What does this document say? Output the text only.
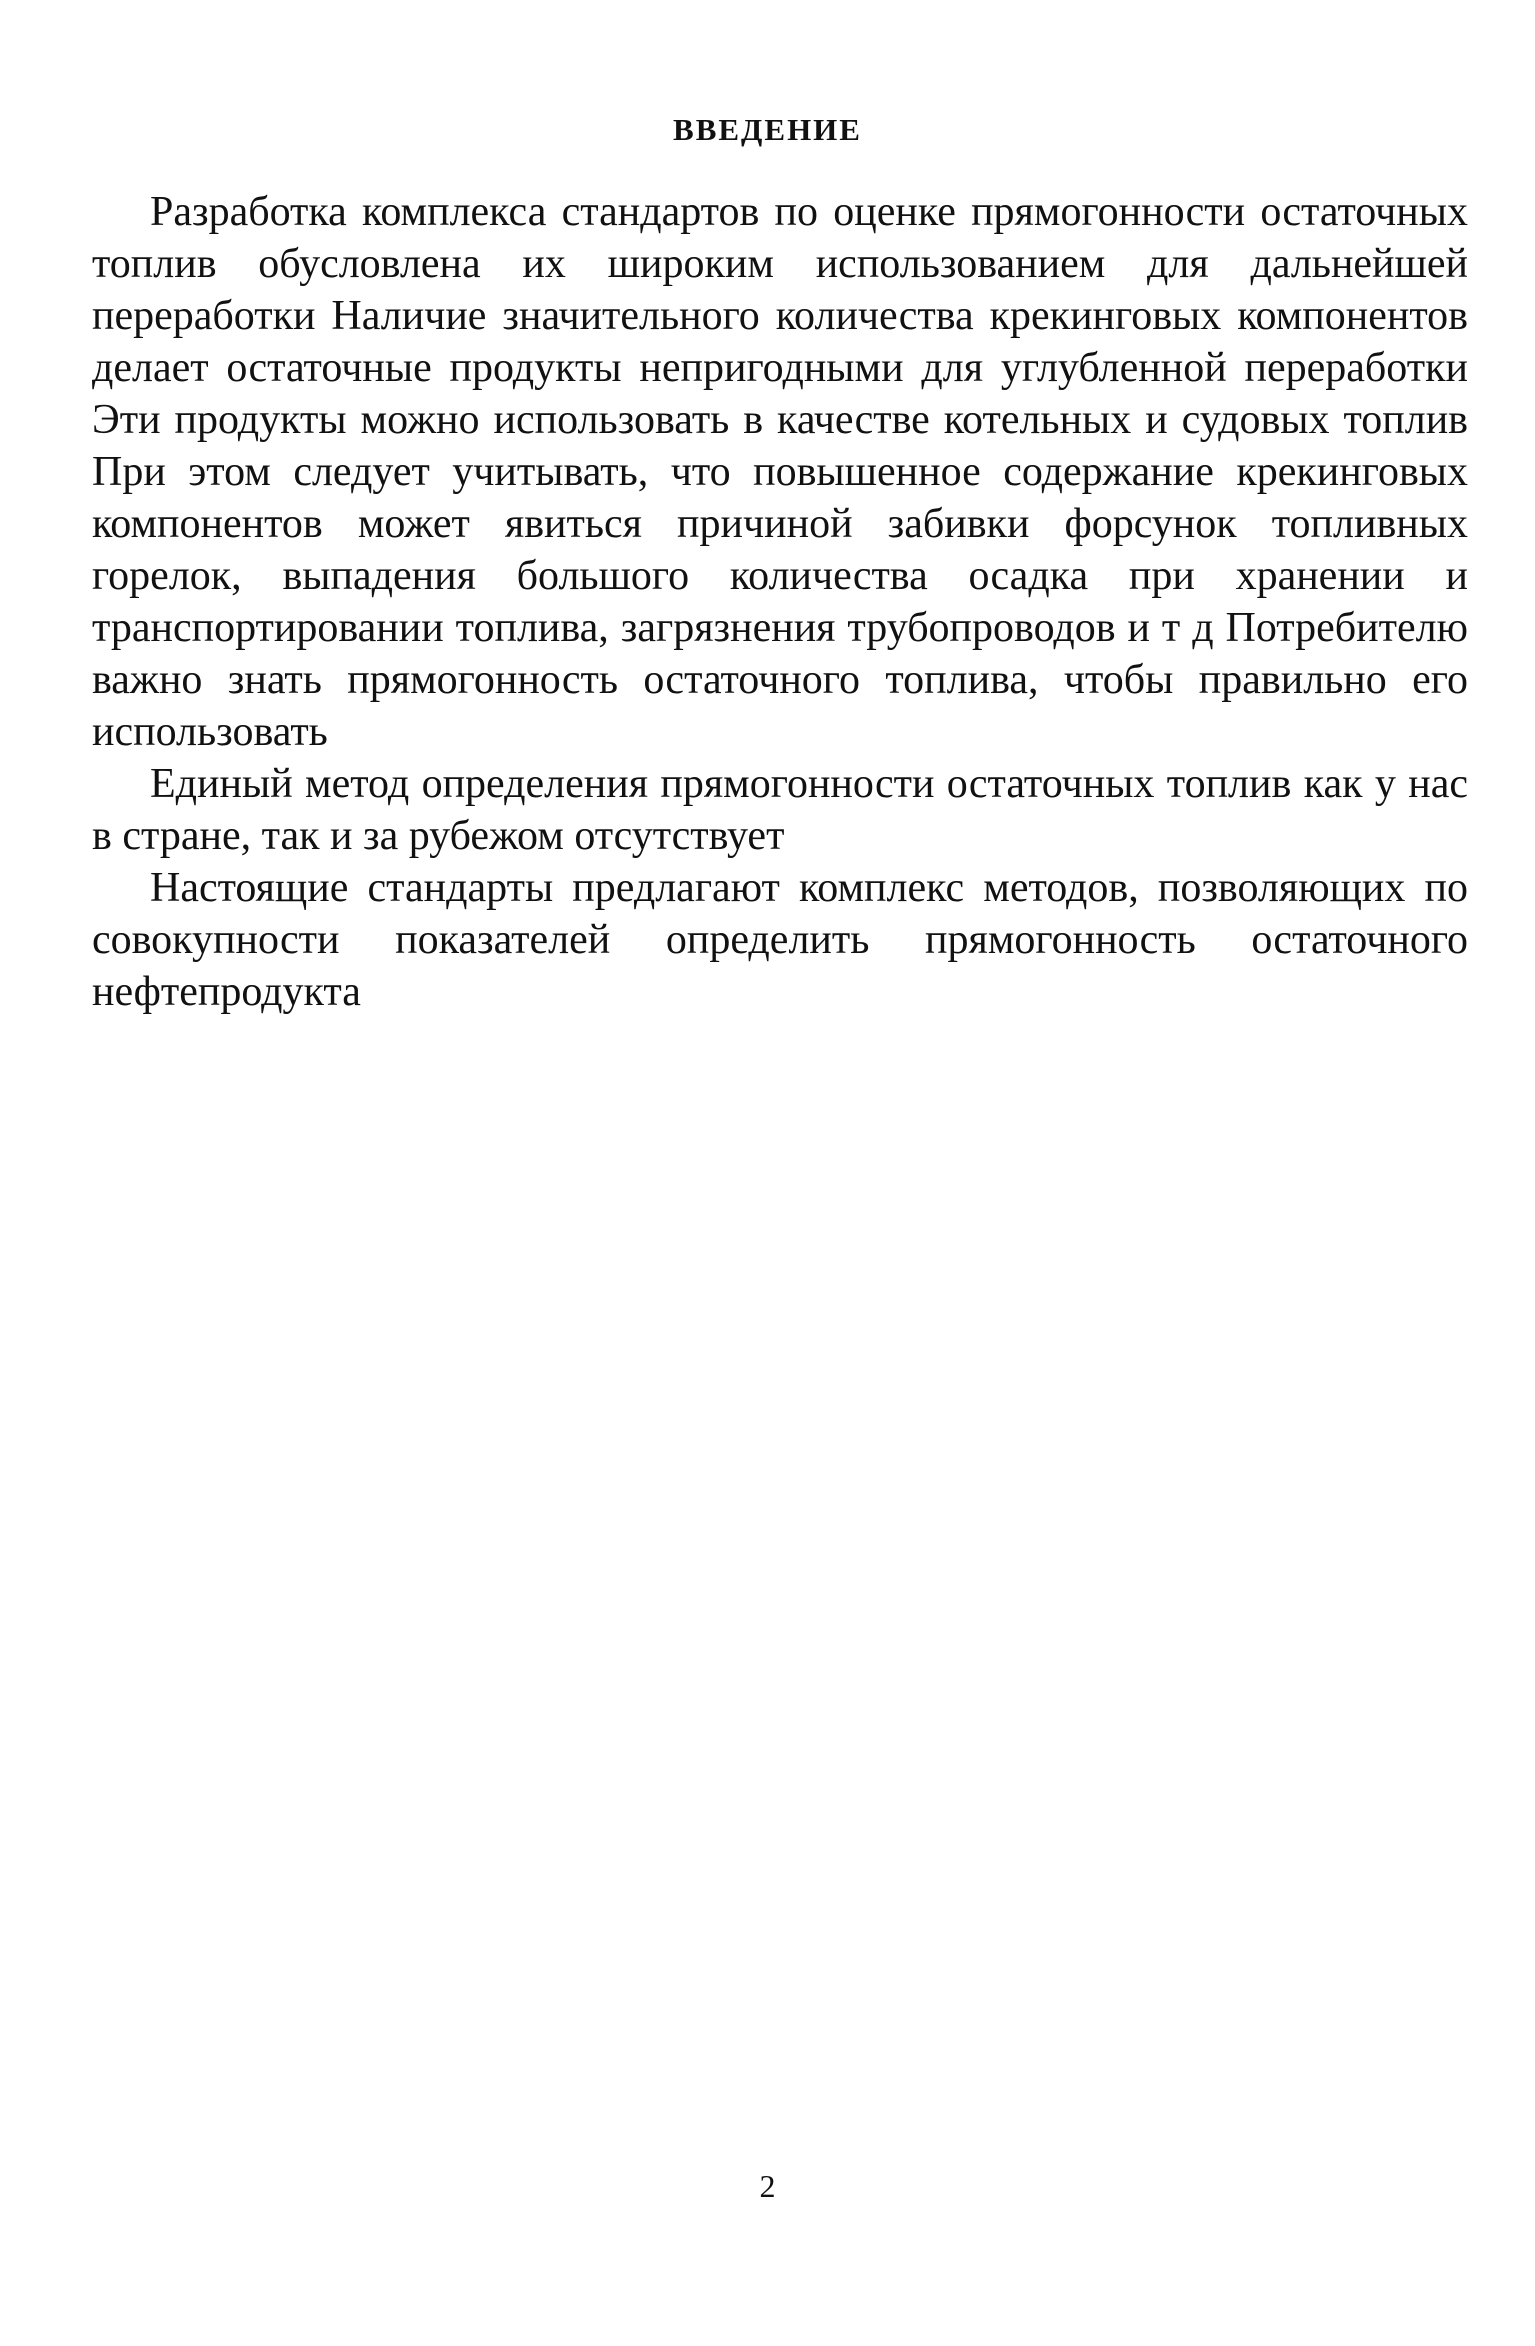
ВВЕДЕНИЕ

Разработка комплекса стандартов по оценке прямогонности остаточных топлив обусловлена их широким использованием для дальнейшей переработки Наличие значительного количества крекинговых компонентов делает остаточные продукты непригодными для углубленной переработки Эти продукты можно использовать в качестве котельных и судовых топлив При этом следует учитывать, что повышенное содержание крекинговых компонентов может явиться причиной забивки форсунок топливных горелок, выпадения большого количества осадка при хранении и транспортировании топлива, загрязнения трубопроводов и т д Потребителю важно знать прямогонность остаточного топлива, чтобы правильно его использовать

Единый метод определения прямогонности остаточных топлив как у нас в стране, так и за рубежом отсутствует

Настоящие стандарты предлагают комплекс методов, позволяющих по совокупности показателей определить прямогонность остаточного нефтепродукта

2
